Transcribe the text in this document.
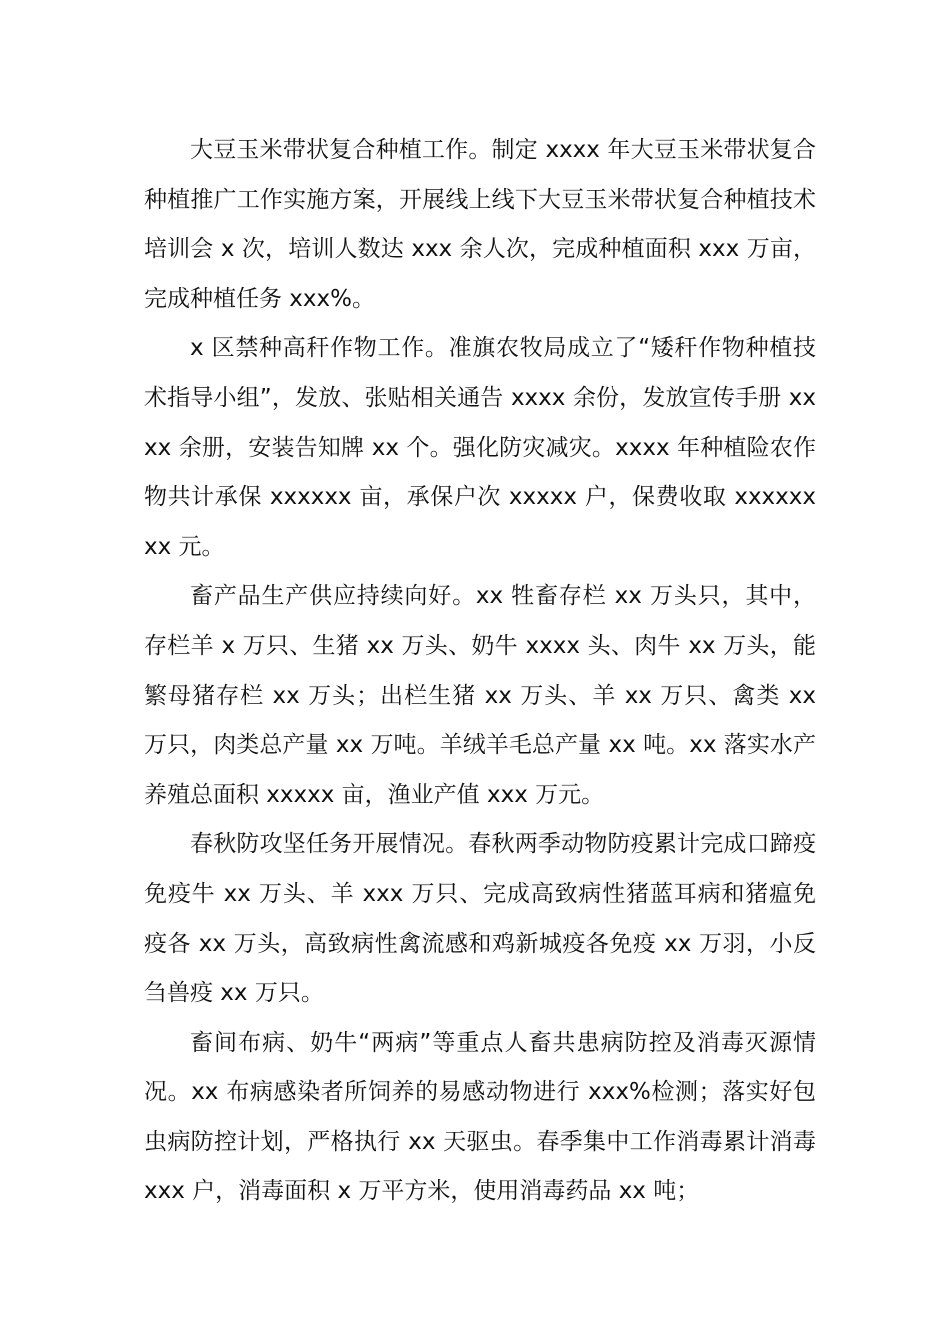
大豆玉米带状复合种植工作。制定 xxxx 年大豆玉米带状复合种植推广工作实施方案，开展线上线下大豆玉米带状复合种植技术培训会 x 次，培训人数达 xxx 余人次，完成种植面积 xxx 万亩，完成种植任务 xxx%。

x 区禁种高秆作物工作。准旗农牧局成立了“矮秆作物种植技术指导小组”，发放、张贴相关通告 xxxx 余份，发放宣传手册 xxxx 余册，安装告知牌 xx 个。强化防灾减灾。xxxx 年种植险农作物共计承保 xxxxxx 亩，承保户次 xxxxx 户，保费收取 xxxxxxxx 元。

畜产品生产供应持续向好。xx 牲畜存栏 xx 万头只，其中，存栏羊 x 万只、生猪 xx 万头、奶牛 xxxx 头、肉牛 xx 万头，能繁母猪存栏 xx 万头；出栏生猪 xx 万头、羊 xx 万只、禽类 xx 万只，肉类总产量 xx 万吨。羊绒羊毛总产量 xx 吨。xx 落实水产养殖总面积 xxxxx 亩，渔业产值 xxx 万元。

春秋防攻坚任务开展情况。春秋两季动物防疫累计完成口蹄疫免疫牛 xx 万头、羊 xxx 万只、完成高致病性猪蓝耳病和猪瘟免疫各 xx 万头，高致病性禽流感和鸡新城疫各免疫 xx 万羽，小反刍兽疫 xx 万只。

畜间布病、奶牛“两病”等重点人畜共患病防控及消毒灭源情况。xx 布病感染者所饲养的易感动物进行 xxx%检测；落实好包虫病防控计划，严格执行 xx 天驱虫。春季集中工作消毒累计消毒 xxx 户，消毒面积 x 万平方米，使用消毒药品 xx 吨；
